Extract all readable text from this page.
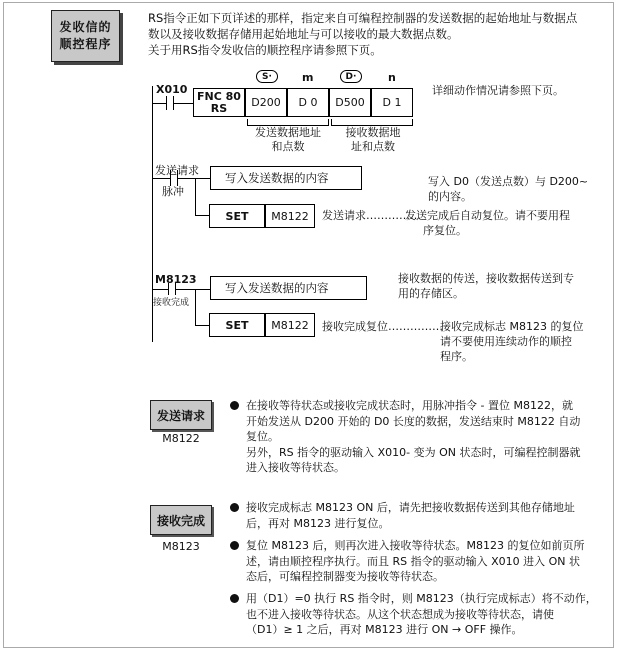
发收信的
顺控程序
RS指令正如下页详述的那样，指定来自可编程控制器的发送数据的起始地址与数据点
数以及接收数据存储用起始地址与可以接收的最大数据点数。
关于用RS指令发收信的顺控程序请参照下页。
X010 FNC 80
RS
S·	m	D·	n
D200	D 0	D500	D 1
详细动作情况请参照下页。
发送数据地址
和点数
接收数据地
址和点数
发送请求
脉冲
写入发送数据的内容	写入 D0（发送点数）与 D200~
的内容。
SET	M8122	发送请求……………
发送完成后自动复位。请不要用程
序复位。
M8123
接收完成
写入发送数据的内容
接收数据的传送，接收数据传送到专
用的存储区。
SET	M8122	接收完成复位……………
接收完成标志 M8123 的复位
请不要使用连续动作的顺控
程序。
发送请求
M8122
在接收等待状态或接收完成状态时，用脉冲指令 - 置位 M8122，就
开始发送从 D200 开始的 D0 长度的数据，发送结束时 M8122 自动
复位。
另外，RS 指令的驱动输入 X010- 变为 ON 状态时，可编程控制器就
进入接收等待状态。
接收完成
M8123
接收完成标志 M8123 ON 后，请先把接收数据传送到其他存储地址
后，再对 M8123 进行复位。
复位 M8123 后，则再次进入接收等待状态。M8123 的复位如前页所
述，请由顺控程序执行。而且 RS 指令的驱动输入 X010 进入 ON 状
态后，可编程控制器变为接收等待状态。
用（D1）=0 执行 RS 指令时，则 M8123（执行完成标志）将不动作，
也不进入接收等待状态。从这个状态想成为接收等待状态，请使
（D1）≥ 1 之后，再对 M8123 进行 ON → OFF 操作。
